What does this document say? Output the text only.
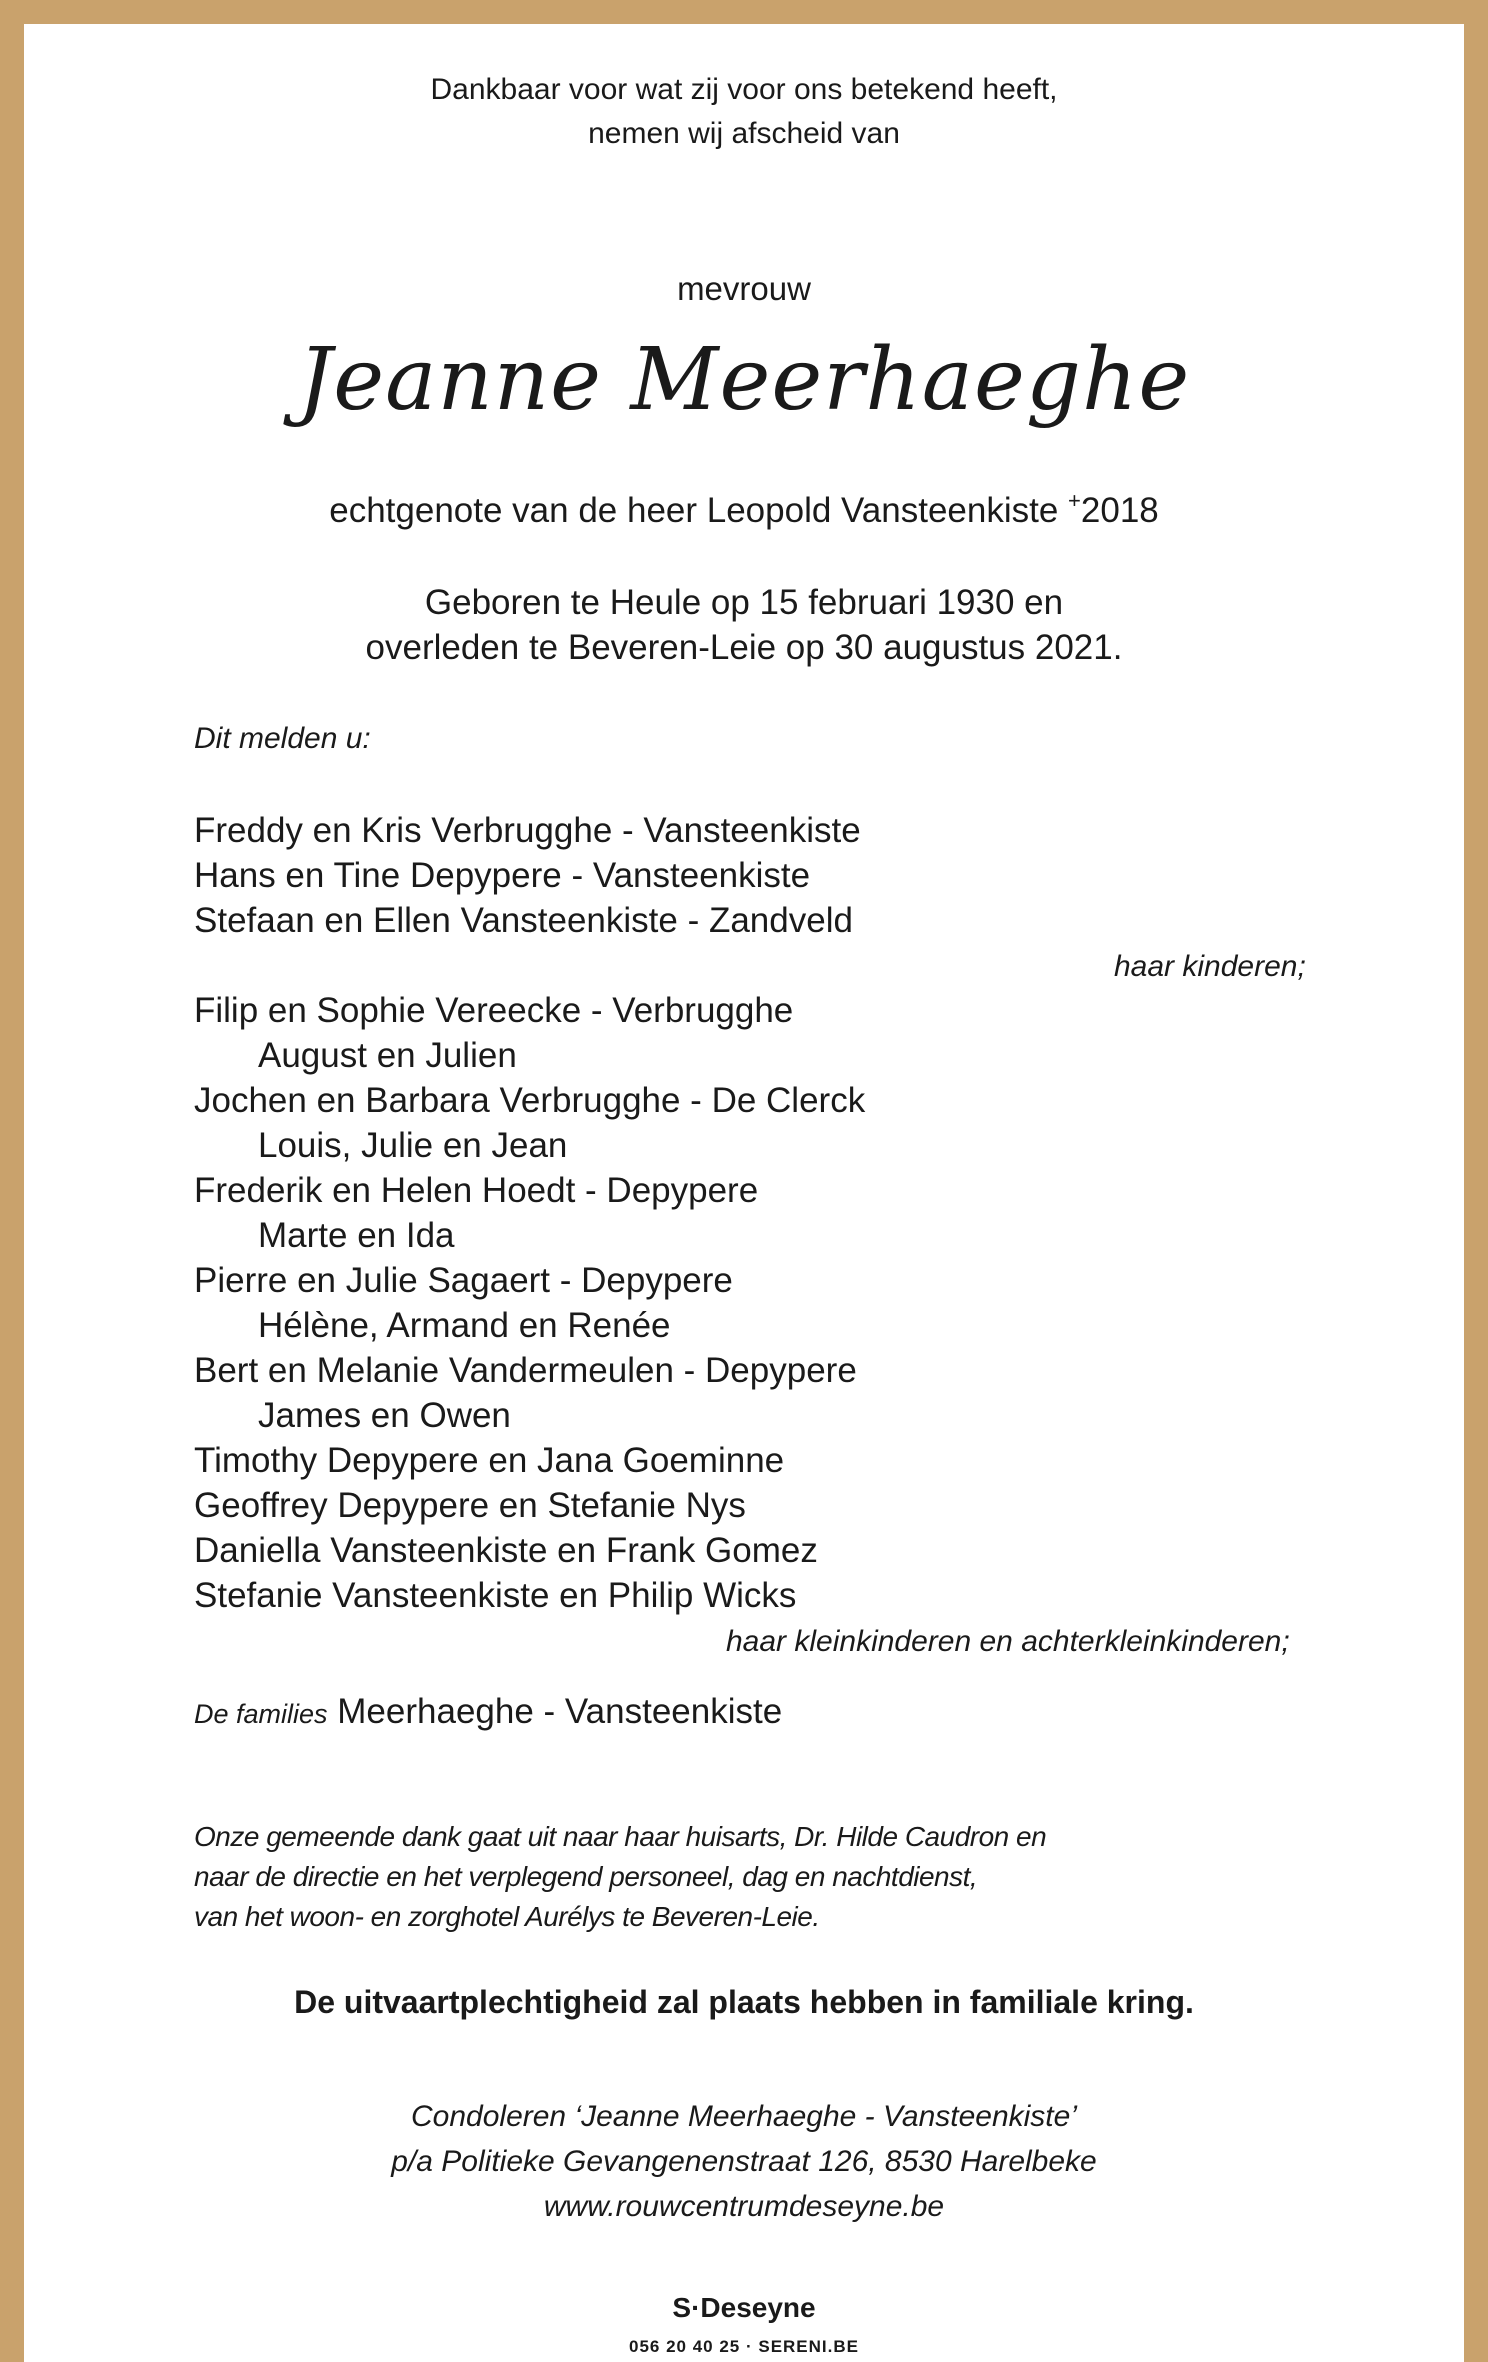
Dankbaar voor wat zij voor ons betekend heeft,
nemen wij afscheid van
mevrouw
Jeanne Meerhaeghe
echtgenote van de heer Leopold Vansteenkiste +2018
Geboren te Heule op 15 februari 1930 en
overleden te Beveren-Leie op 30 augustus 2021.
Dit melden u:
Freddy en Kris Verbrugghe - Vansteenkiste
Hans en Tine Depypere - Vansteenkiste
Stefaan en Ellen Vansteenkiste - Zandveld
haar kinderen;
Filip en Sophie Vereecke - Verbrugghe
August en Julien
Jochen en Barbara Verbrugghe - De Clerck
Louis, Julie en Jean
Frederik en Helen Hoedt - Depypere
Marte en Ida
Pierre en Julie Sagaert - Depypere
Hélène, Armand en Renée
Bert en Melanie Vandermeulen - Depypere
James en Owen
Timothy Depypere en Jana Goeminne
Geoffrey Depypere en Stefanie Nys
Daniella Vansteenkiste en Frank Gomez
Stefanie Vansteenkiste en Philip Wicks
haar kleinkinderen en achterkleinkinderen;
De families Meerhaeghe - Vansteenkiste
Onze gemeende dank gaat uit naar haar huisarts, Dr. Hilde Caudron en
naar de directie en het verplegend personeel, dag en nachtdienst,
van het woon- en zorghotel Aurélys te Beveren-Leie.
De uitvaartplechtigheid zal plaats hebben in familiale kring.
Condoleren ‘Jeanne Meerhaeghe - Vansteenkiste’
p/a Politieke Gevangenenstraat 126, 8530 Harelbeke
www.rouwcentrumdeseyne.be
S·Deseyne
056 20 40 25 · SERENI.BE
